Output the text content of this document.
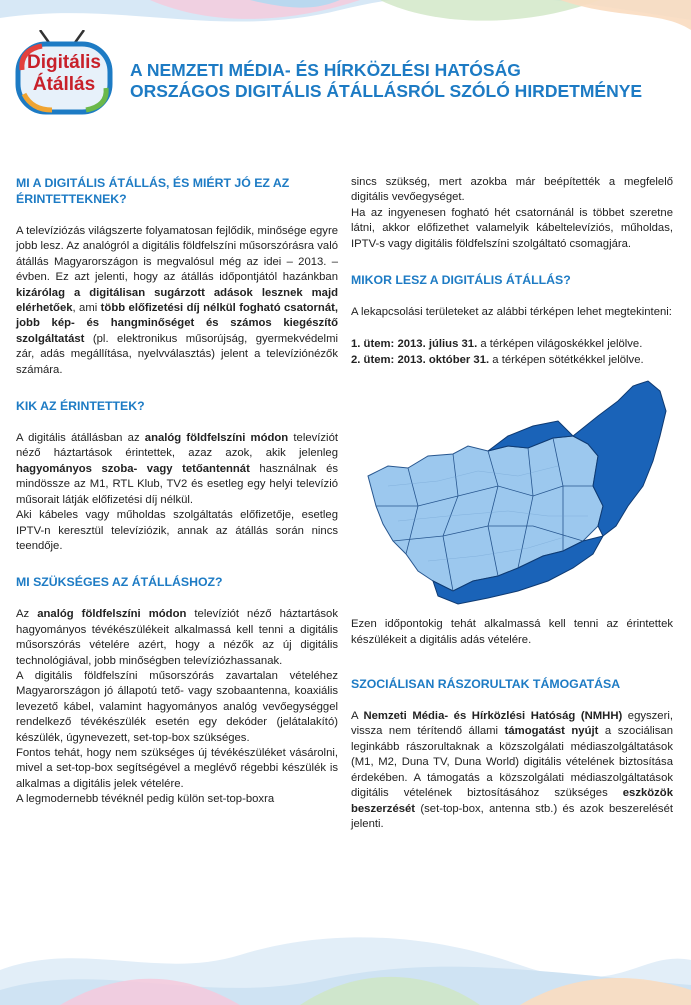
Digitális
Átállás
A NEMZETI MÉDIA- ÉS HÍRKÖZLÉSI HATÓSÁG
ORSZÁGOS DIGITÁLIS ÁTÁLLÁSRÓL SZÓLÓ HIRDETMÉNYE
MI A DIGITÁLIS ÁTÁLLÁS, ÉS MIÉRT JÓ EZ AZ ÉRINTETTEKNEK?

A televíziózás világszerte folyamatosan fejlődik, minősége egyre jobb lesz. Az analógról a digitális földfelszíni műsorszórásra való átállás Magyarországon is megvalósul még az idei – 2013. – évben. Ez azt jelenti, hogy az átállás időpontjától hazánkban kizárólag a digitálisan sugárzott adások lesznek majd elérhetőek, ami több előfizetési díj nélkül fogható csatornát, jobb kép- és hangminőséget és számos kiegészítő szolgáltatást (pl. elektronikus műsorújság, gyermekvédelmi zár, adás megállítása, nyelvválasztás) jelent a televíziónézők számára.

KIK AZ ÉRINTETTEK?

A digitális átállásban az analóg földfelszíni módon televíziót néző háztartások érintettek, azaz azok, akik jelenleg hagyományos szoba- vagy tetőantennát használnak és mindössze az M1, RTL Klub, TV2 és esetleg egy helyi televízió műsorait látják előfizetési díj nélkül.

Aki kábeles vagy műholdas szolgáltatás előfizetője, esetleg IPTV-n keresztül televíziózik, annak az átállás során nincs teendője.

MI SZÜKSÉGES AZ ÁTÁLLÁSHOZ?

Az analóg földfelszíni módon televíziót néző háztartások hagyományos tévékészülékeit alkalmassá kell tenni a digitális műsorszórás vételére azért, hogy a nézők az új digitális technológiával, jobb minőségben televíziózhassanak.

A digitális földfelszíni műsorszórás zavartalan vételéhez Magyarországon jó állapotú tető- vagy szobaantenna, koaxiális levezető kábel, valamint hagyományos analóg vevőegységgel rendelkező tévékészülék esetén egy dekóder (jelátalakító) készülék, úgynevezett, set-top-box szükséges.

Fontos tehát, hogy nem szükséges új tévékészüléket vásárolni, mivel a set-top-box segítségével a meglévő régebbi készülék is alkalmas a digitális jelek vételére.

A legmodernebb tévéknél pedig külön set-top-boxra

sincs szükség, mert azokba már beépítették a megfelelő digitális vevőegységet.

Ha az ingyenesen fogható hét csatornánál is többet szeretne látni, akkor előfizethet valamelyik kábeltelevíziós, műholdas, IPTV-s vagy digitális földfelszíni szolgáltató csomagjára.

MIKOR LESZ A DIGITÁLIS ÁTÁLLÁS?

A lekapcsolási területeket az alábbi térképen lehet megtekinteni:

1. ütem: 2013. július 31. a térképen világoskékkel jelölve.

2. ütem: 2013. október 31. a térképen sötétkékkel jelölve.

Ezen időpontokig tehát alkalmassá kell tenni az érintettek készülékeit a digitális adás vételére.

SZOCIÁLISAN RÁSZORULTAK TÁMOGATÁSA

A Nemzeti Média- és Hírközlési Hatóság (NMHH) egyszeri, vissza nem térítendő állami támogatást nyújt a szociálisan leginkább rászorultaknak a közszolgálati médiaszolgáltatások (M1, M2, Duna TV, Duna World) digitális vételének biztosítása érdekében. A támogatás a közszolgálati médiaszolgáltatások digitális vételének biztosításához szükséges eszközök beszerzését (set-top-box, antenna stb.) és azok beszerelését jelenti.
